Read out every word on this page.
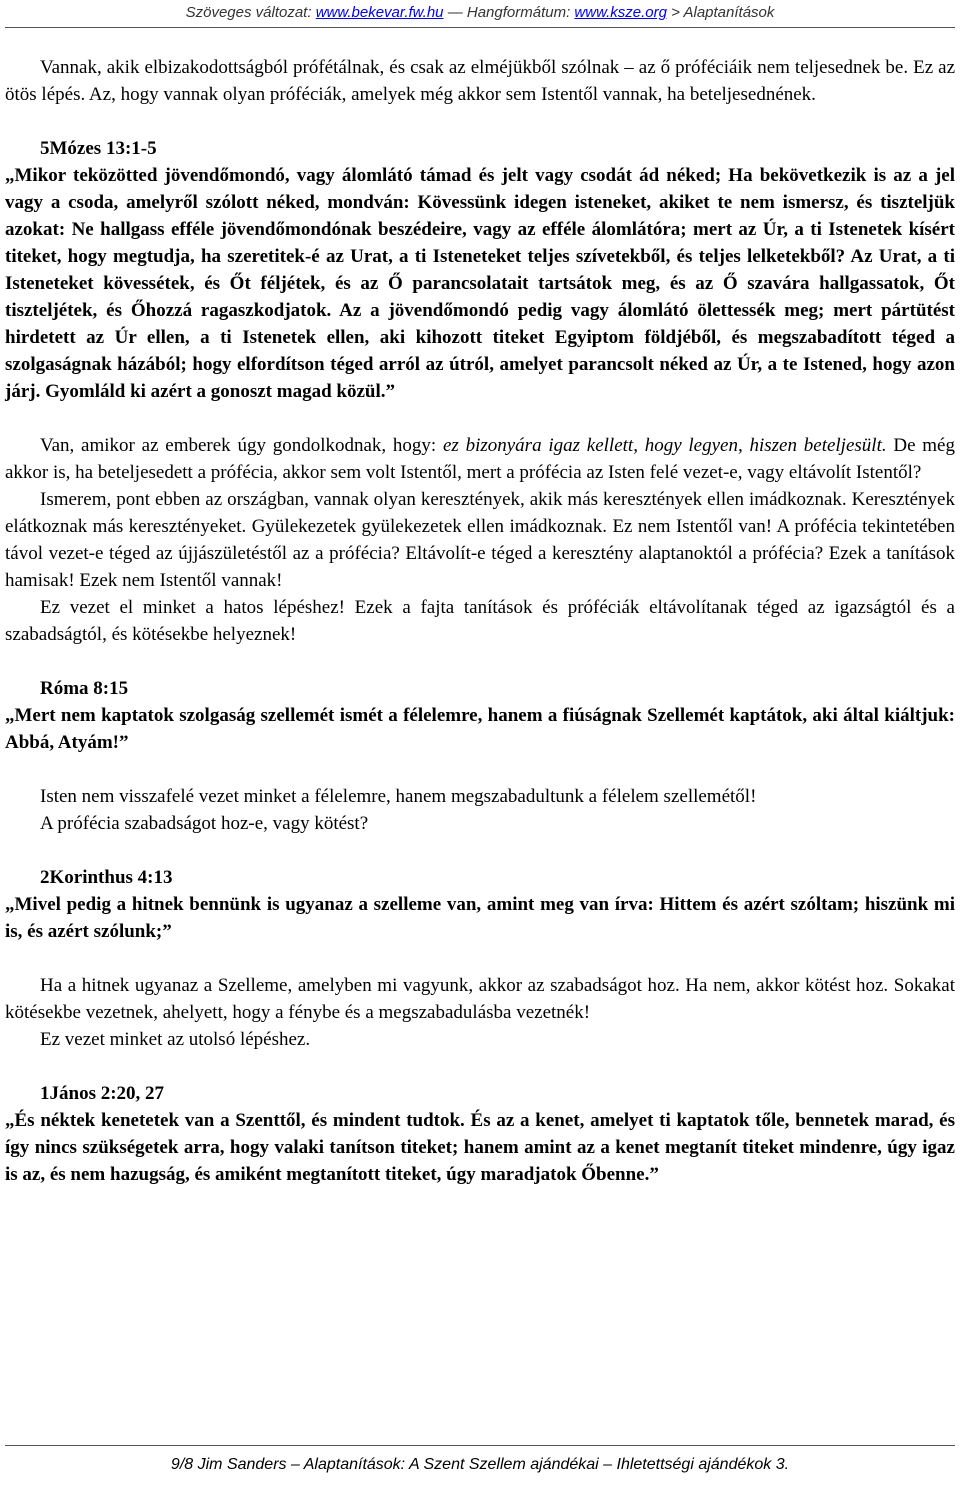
Szöveges változat: www.bekevar.fw.hu — Hangformátum: www.ksze.org > Alaptanítások

Vannak, akik elbizakodottságból prófétálnak, és csak az elméjükből szólnak – az ő próféciáik nem teljesednek be. Ez az ötös lépés. Az, hogy vannak olyan próféciák, amelyek még akkor sem Istentől vannak, ha beteljesednének.

5Mózes 13:1-5

„Mikor teközötted jövendőmondó, vagy álomlátó támad és jelt vagy csodát ád néked; Ha bekövetkezik is az a jel vagy a csoda, amelyről szólott néked, mondván: Kövessünk idegen isteneket, akiket te nem ismersz, és tiszteljük azokat: Ne hallgass efféle jövendőmondónak beszédeire, vagy az efféle álomlátóra; mert az Úr, a ti Istenetek kísért titeket, hogy megtudja, ha szeretitek-é az Urat, a ti Isteneteket teljes szívetekből, és teljes lelketekből? Az Urat, a ti Isteneteket kövessétek, és Őt féljétek, és az Ő parancsolatait tartsátok meg, és az Ő szavára hallgassatok, Őt tiszteljétek, és Őhozzá ragaszkodjatok. Az a jövendőmondó pedig vagy álomlátó ölettessék meg; mert pártütést hirdetett az Úr ellen, a ti Istenetek ellen, aki kihozott titeket Egyiptom földjéből, és megszabadított téged a szolgaságnak házából; hogy elfordítson téged arról az útról, amelyet parancsolt néked az Úr, a te Istened, hogy azon járj. Gyomláld ki azért a gonoszt magad közül.”

Van, amikor az emberek úgy gondolkodnak, hogy: ez bizonyára igaz kellett, hogy legyen, hiszen beteljesült. De még akkor is, ha beteljesedett a prófécia, akkor sem volt Istentől, mert a prófécia az Isten felé vezet-e, vagy eltávolít Istentől?

Ismerem, pont ebben az országban, vannak olyan keresztények, akik más keresztények ellen imádkoznak. Keresztények elátkoznak más keresztényeket. Gyülekezetek gyülekezetek ellen imádkoznak. Ez nem Istentől van! A prófécia tekintetében távol vezet-e téged az újjászületéstől az a prófécia? Eltávolít-e téged a keresztény alaptanoktól a prófécia? Ezek a tanítások hamisak! Ezek nem Istentől vannak!

Ez vezet el minket a hatos lépéshez! Ezek a fajta tanítások és próféciák eltávolítanak téged az igazságtól és a szabadságtól, és kötésekbe helyeznek!

Róma 8:15

„Mert nem kaptatok szolgaság szellemét ismét a félelemre, hanem a fiúságnak Szellemét kaptátok, aki által kiáltjuk: Abbá, Atyám!”

Isten nem visszafelé vezet minket a félelemre, hanem megszabadultunk a félelem szellemétől!

A prófécia szabadságot hoz-e, vagy kötést?

2Korinthus 4:13

„Mivel pedig a hitnek bennünk is ugyanaz a szelleme van, amint meg van írva: Hittem és azért szóltam; hiszünk mi is, és azért szólunk;”

Ha a hitnek ugyanaz a Szelleme, amelyben mi vagyunk, akkor az szabadságot hoz. Ha nem, akkor kötést hoz. Sokakat kötésekbe vezetnek, ahelyett, hogy a fénybe és a megszabadulásba vezetnék!

Ez vezet minket az utolsó lépéshez.

1János 2:20, 27

„És néktek kenetetek van a Szenttől, és mindent tudtok. És az a kenet, amelyet ti kaptatok tőle, bennetek marad, és így nincs szükségetek arra, hogy valaki tanítson titeket; hanem amint az a kenet megtanít titeket mindenre, úgy igaz is az, és nem hazugság, és amiként megtanított titeket, úgy maradjatok Őbenne.”

9/8 Jim Sanders – Alaptanítások: A Szent Szellem ajándékai – Ihletettségi ajándékok 3.
